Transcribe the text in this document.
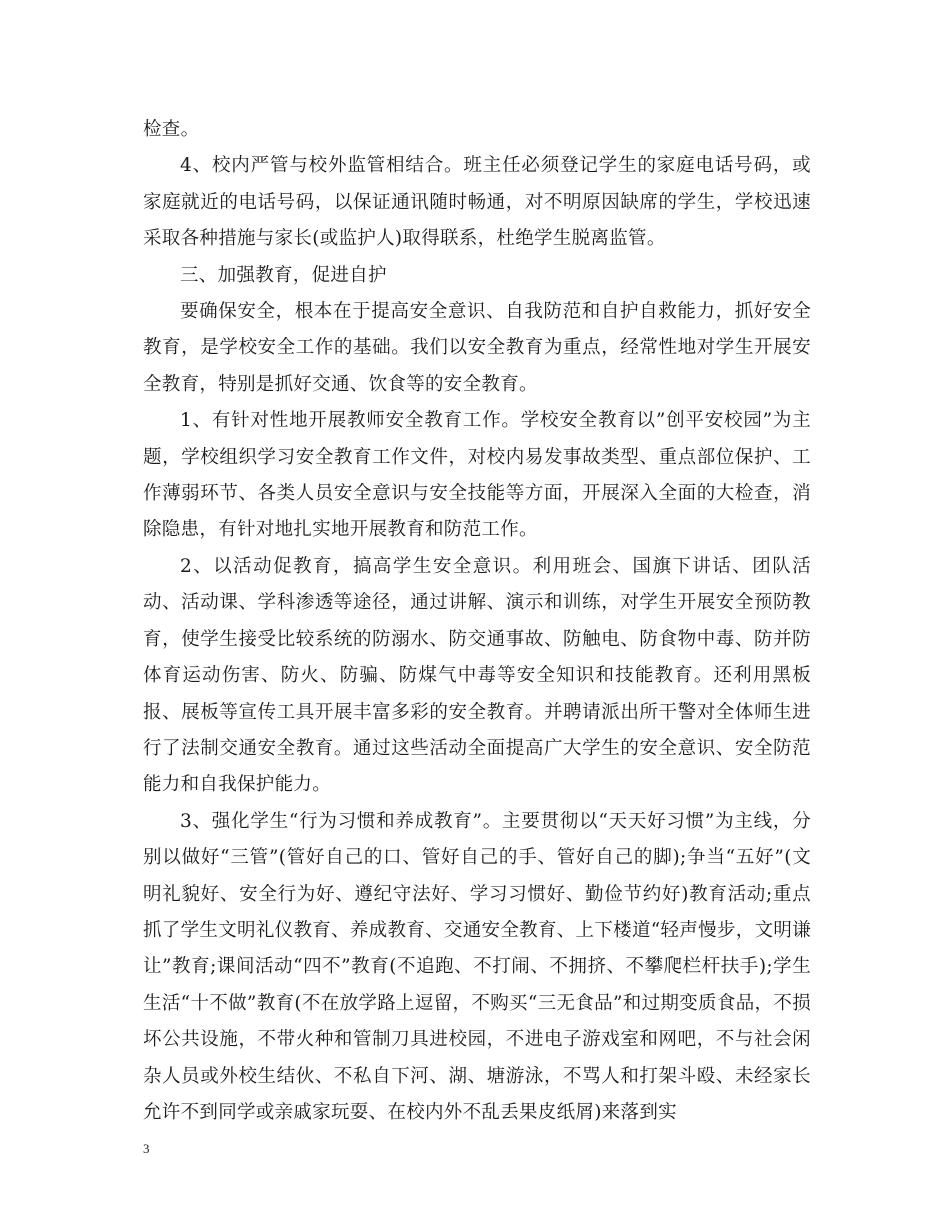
检查。

4、校内严管与校外监管相结合。班主任必须登记学生的家庭电话号码，或家庭就近的电话号码，以保证通讯随时畅通，对不明原因缺席的学生，学校迅速采取各种措施与家长(或监护人)取得联系，杜绝学生脱离监管。

三、加强教育，促进自护

要确保安全，根本在于提高安全意识、自我防范和自护自救能力，抓好安全教育，是学校安全工作的基础。我们以安全教育为重点，经常性地对学生开展安全教育，特别是抓好交通、饮食等的安全教育。

1、有针对性地开展教师安全教育工作。学校安全教育以”创平安校园”为主题，学校组织学习安全教育工作文件，对校内易发事故类型、重点部位保护、工作薄弱环节、各类人员安全意识与安全技能等方面，开展深入全面的大检查，消除隐患，有针对地扎实地开展教育和防范工作。

2、以活动促教育，搞高学生安全意识。利用班会、国旗下讲话、团队活动、活动课、学科渗透等途径，通过讲解、演示和训练，对学生开展安全预防教育，使学生接受比较系统的防溺水、防交通事故、防触电、防食物中毒、防并防体育运动伤害、防火、防骗、防煤气中毒等安全知识和技能教育。还利用黑板报、展板等宣传工具开展丰富多彩的安全教育。并聘请派出所干警对全体师生进行了法制交通安全教育。通过这些活动全面提高广大学生的安全意识、安全防范能力和自我保护能力。

3、强化学生“行为习惯和养成教育”。主要贯彻以“天天好习惯”为主线，分别以做好“三管”(管好自己的口、管好自己的手、管好自己的脚);争当“五好”(文明礼貌好、安全行为好、遵纪守法好、学习习惯好、勤俭节约好)教育活动;重点抓了学生文明礼仪教育、养成教育、交通安全教育、上下楼道“轻声慢步，文明谦让”教育;课间活动“四不”教育(不追跑、不打闹、不拥挤、不攀爬栏杆扶手);学生生活“十不做”教育(不在放学路上逗留，不购买“三无食品”和过期变质食品，不损坏公共设施，不带火种和管制刀具进校园，不进电子游戏室和网吧，不与社会闲杂人员或外校生结伙、不私自下河、湖、塘游泳，不骂人和打架斗殴、未经家长允许不到同学或亲戚家玩耍、在校内外不乱丢果皮纸屑)来落到实

3
